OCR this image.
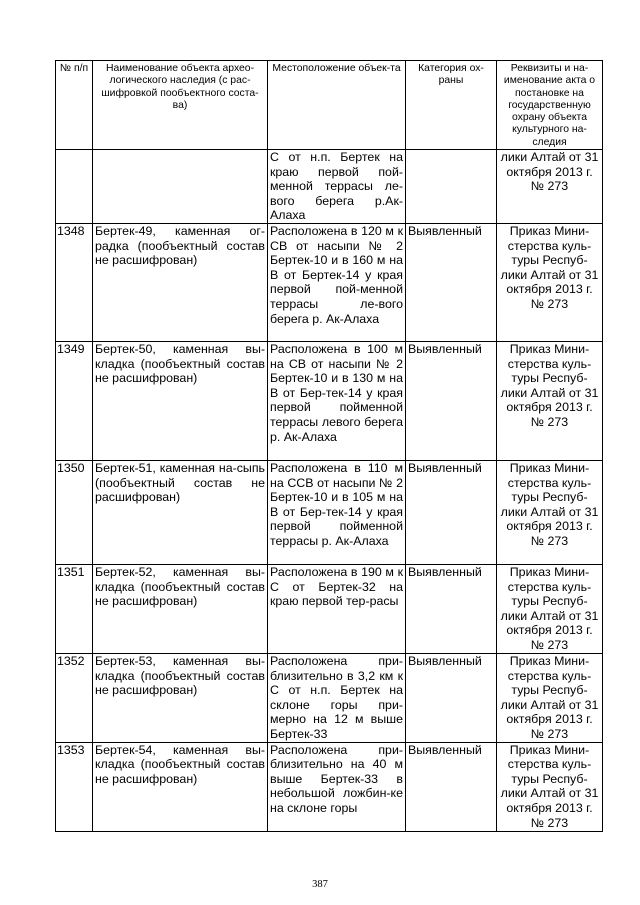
№ п/п	Наименование объекта архео-логического наследия (с рас-шифровкой пообъектного соста-ва)	Местоположение объек-та	Категория ох-раны	Реквизиты и на-именование акта о постановке на государственную охрану объекта культурного на-следия
		С от н.п. Бертек на краю первой пой-менной террасы ле-вого берега р.Ак-Алаха		лики Алтай от 31 октября 2013 г. № 273
1348	Бертек-49, каменная ог-радка (пообъектный состав не расшифрован)	Расположена в 120 м к СВ от насыпи № 2 Бертек-10 и в 160 м на В от Бертек-14 у края первой пой-менной террасы ле-вого берега р. Ак-Алаха	Выявленный	Приказ Мини-стерства куль-туры Респуб-лики Алтай от 31 октября 2013 г. № 273
1349	Бертек-50, каменная вы-кладка (пообъектный состав не расшифрован)	Расположена в 100 м на СВ от насыпи № 2 Бертек-10 и в 130 м на В от Бер-тек-14 у края первой пойменной террасы левого берега р. Ак-Алаха	Выявленный	Приказ Мини-стерства куль-туры Респуб-лики Алтай от 31 октября 2013 г. № 273
1350	Бертек-51, каменная на-сыпь (пообъектный состав не расшифрован)	Расположена в 110 м на ССВ от насыпи № 2 Бертек-10 и в 105 м на В от Бер-тек-14 у края первой пойменной террасы р. Ак-Алаха	Выявленный	Приказ Мини-стерства куль-туры Респуб-лики Алтай от 31 октября 2013 г. № 273
1351	Бертек-52, каменная вы-кладка (пообъектный состав не расшифрован)	Расположена в 190 м к С от Бертек-32 на краю первой тер-расы	Выявленный	Приказ Мини-стерства куль-туры Респуб-лики Алтай от 31 октября 2013 г. № 273
1352	Бертек-53, каменная вы-кладка (пообъектный состав не расшифрован)	Расположена при-близительно в 3,2 км к С от н.п. Бертек на склоне горы при-мерно на 12 м выше Бертек-33	Выявленный	Приказ Мини-стерства куль-туры Респуб-лики Алтай от 31 октября 2013 г. № 273
1353	Бертек-54, каменная вы-кладка (пообъектный состав не расшифрован)	Расположена при-близительно на 40 м выше Бертек-33 в небольшой ложбин-ке на склоне горы	Выявленный	Приказ Мини-стерства куль-туры Респуб-лики Алтай от 31 октября 2013 г. № 273
387
